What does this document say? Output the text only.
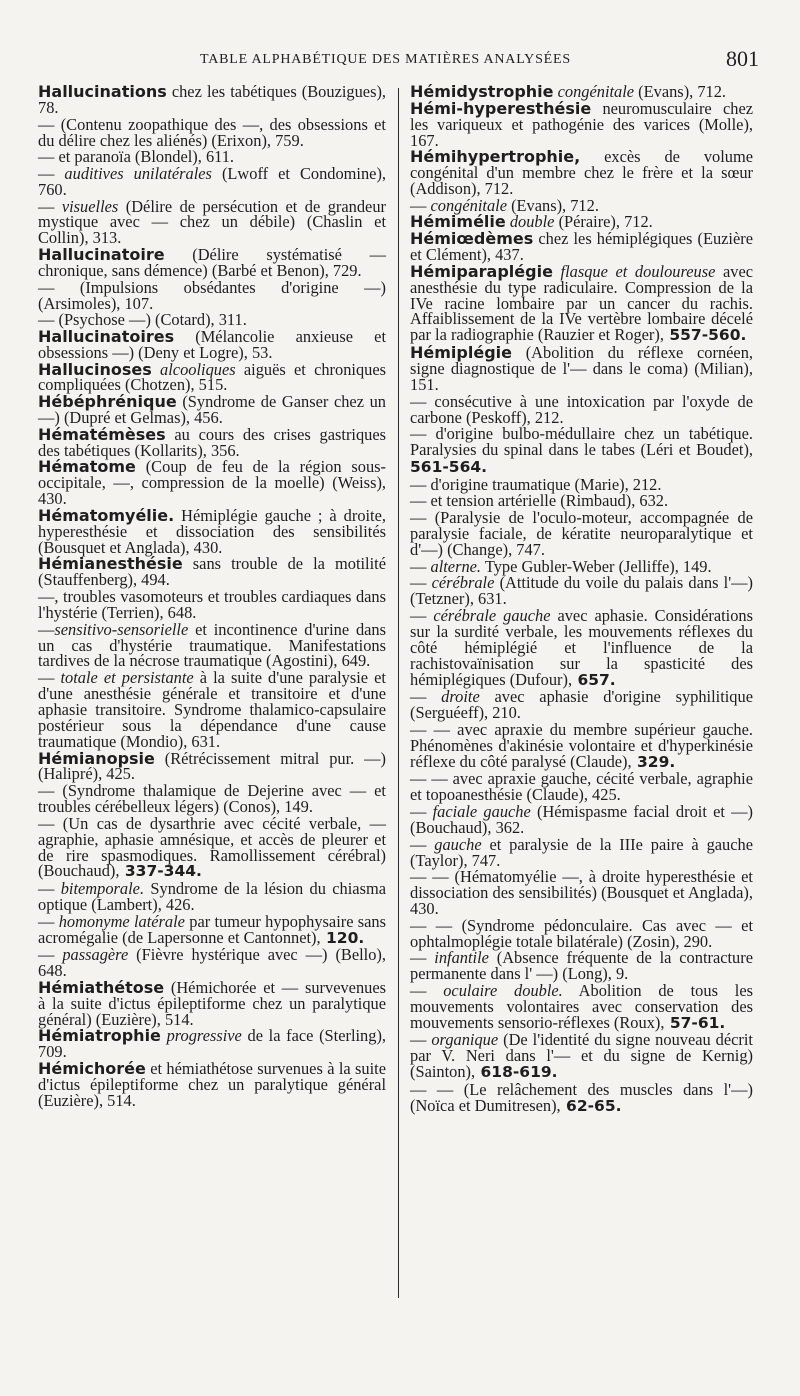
TABLE ALPHABÉTIQUE DES MATIÈRES ANALYSÉES	801
Hallucinations chez les tabétiques (Bouzigues), 78.
— (Contenu zoopathique des —, des obsessions et du délire chez les aliénés) (Erixon), 759.
— et paranoïa (Blondel), 611.
— auditives unilatérales (Lwoff et Condomine), 760.
— visuelles (Délire de persécution et de grandeur mystique avec — chez un débile) (Chaslin et Collin), 313.
Hallucinatoire (Délire systématisé — chronique, sans démence) (Barbé et Benon), 729.
— (Impulsions obsédantes d'origine —) (Arsimoles), 107.
— (Psychose —) (Cotard), 311.
Hallucinatoires (Mélancolie anxieuse et obsessions —) (Deny et Logre), 53.
Hallucinoses alcooliques aiguës et chroniques compliquées (Chotzen), 515.
Hébéphrénique (Syndrome de Ganser chez un —) (Dupré et Gelmas), 456.
Hématémèses au cours des crises gastriques des tabétiques (Kollarits), 356.
Hématome (Coup de feu de la région sous-occipitale, —, compression de la moelle) (Weiss), 430.
Hématomyélie. Hémiplégie gauche ; à droite, hyperesthésie et dissociation des sensibilités (Bousquet et Anglada), 430.
Hémianesthésie sans trouble de la motilité (Stauffenberg), 494.
—, troubles vasomoteurs et troubles cardiaques dans l'hystérie (Terrien), 648.
—sensitivo-sensorielle et incontinence d'urine dans un cas d'hystérie traumatique. Manifestations tardives de la nécrose traumatique (Agostini), 649.
— totale et persistante à la suite d'une paralysie et d'une anesthésie générale et transitoire et d'une aphasie transitoire. Syndrome thalamico-capsulaire postérieur sous la dépendance d'une cause traumatique (Mondio), 631.
Hémianopsie (Rétrécissement mitral pur. —) (Halipré), 425.
— (Syndrome thalamique de Dejerine avec — et troubles cérébelleux légers) (Conos), 149.
— (Un cas de dysarthrie avec cécité verbale, — agraphie, aphasie amnésique, et accès de pleurer et de rire spasmodiques. Ramollissement cérébral) (Bouchaud), 337-344.
— bitemporale. Syndrome de la lésion du chiasma optique (Lambert), 426.
— homonyme latérale par tumeur hypophysaire sans acromégalie (de Lapersonne et Cantonnet), 120.
— passagère (Fièvre hystérique avec —) (Bello), 648.
Hémiathétose (Hémichorée et — survevenues à la suite d'ictus épileptiforme chez un paralytique général) (Euzière), 514.
Hémiatrophie progressive de la face (Sterling), 709.
Hémichorée et hémiathétose survenues à la suite d'ictus épileptiforme chez un paralytique général (Euzière), 514.
Hémidystrophie congénitale (Evans), 712.
Hémi-hyperesthésie neuromusculaire chez les variqueux et pathogénie des varices (Molle), 167.
Hémihypertrophie, excès de volume congénital d'un membre chez le frère et la sœur (Addison), 712.
— congénitale (Evans), 712.
Hémimélie double (Péraire), 712.
Hémiœdèmes chez les hémiplégiques (Euzière et Clément), 437.
Hémiparaplégie flasque et douloureuse avec anesthésie du type radiculaire. Compression de la IVe racine lombaire par un cancer du rachis. Affaiblissement de la IVe vertèbre lombaire décelé par la radiographie (Rauzier et Roger), 557-560.
Hémiplégie (Abolition du réflexe cornéen, signe diagnostique de l'— dans le coma) (Milian), 151.
— consécutive à une intoxication par l'oxyde de carbone (Peskoff), 212.
— d'origine bulbo-médullaire chez un tabétique. Paralysies du spinal dans le tabes (Léri et Boudet), 561-564.
— d'origine traumatique (Marie), 212.
— et tension artérielle (Rimbaud), 632.
— (Paralysie de l'oculo-moteur, accompagnée de paralysie faciale, de kératite neuroparalytique et d'—) (Change), 747.
— alterne. Type Gubler-Weber (Jelliffe), 149.
— cérébrale (Attitude du voile du palais dans l'—) (Tetzner), 631.
— cérébrale gauche avec aphasie. Considérations sur la surdité verbale, les mouvements réflexes du côté hémiplégié et l'influence de la rachistovaïnisation sur la spasticité des hémiplégiques (Dufour), 657.
— droite avec aphasie d'origine syphilitique (Serguéeff), 210.
— — avec apraxie du membre supérieur gauche. Phénomènes d'akinésie volontaire et d'hyperkinésie réflexe du côté paralysé (Claude), 329.
— — avec apraxie gauche, cécité verbale, agraphie et topoanesthésie (Claude), 425.
— faciale gauche (Hémispasme facial droit et —) (Bouchaud), 362.
— gauche et paralysie de la IIIe paire à gauche (Taylor), 747.
— — (Hématomyélie —, à droite hyperesthésie et dissociation des sensibilités) (Bousquet et Anglada), 430.
— — (Syndrome pédonculaire. Cas avec — et ophtalmoplégie totale bilatérale) (Zosin), 290.
— infantile (Absence fréquente de la contracture permanente dans l' —) (Long), 9.
— oculaire double. Abolition de tous les mouvements volontaires avec conservation des mouvements sensorio-réflexes (Roux), 57-61.
— organique (De l'identité du signe nouveau décrit par V. Neri dans l'— et du signe de Kernig) (Sainton), 618-619.
— — (Le relâchement des muscles dans l'—) (Noïca et Dumitresen), 62-65.
